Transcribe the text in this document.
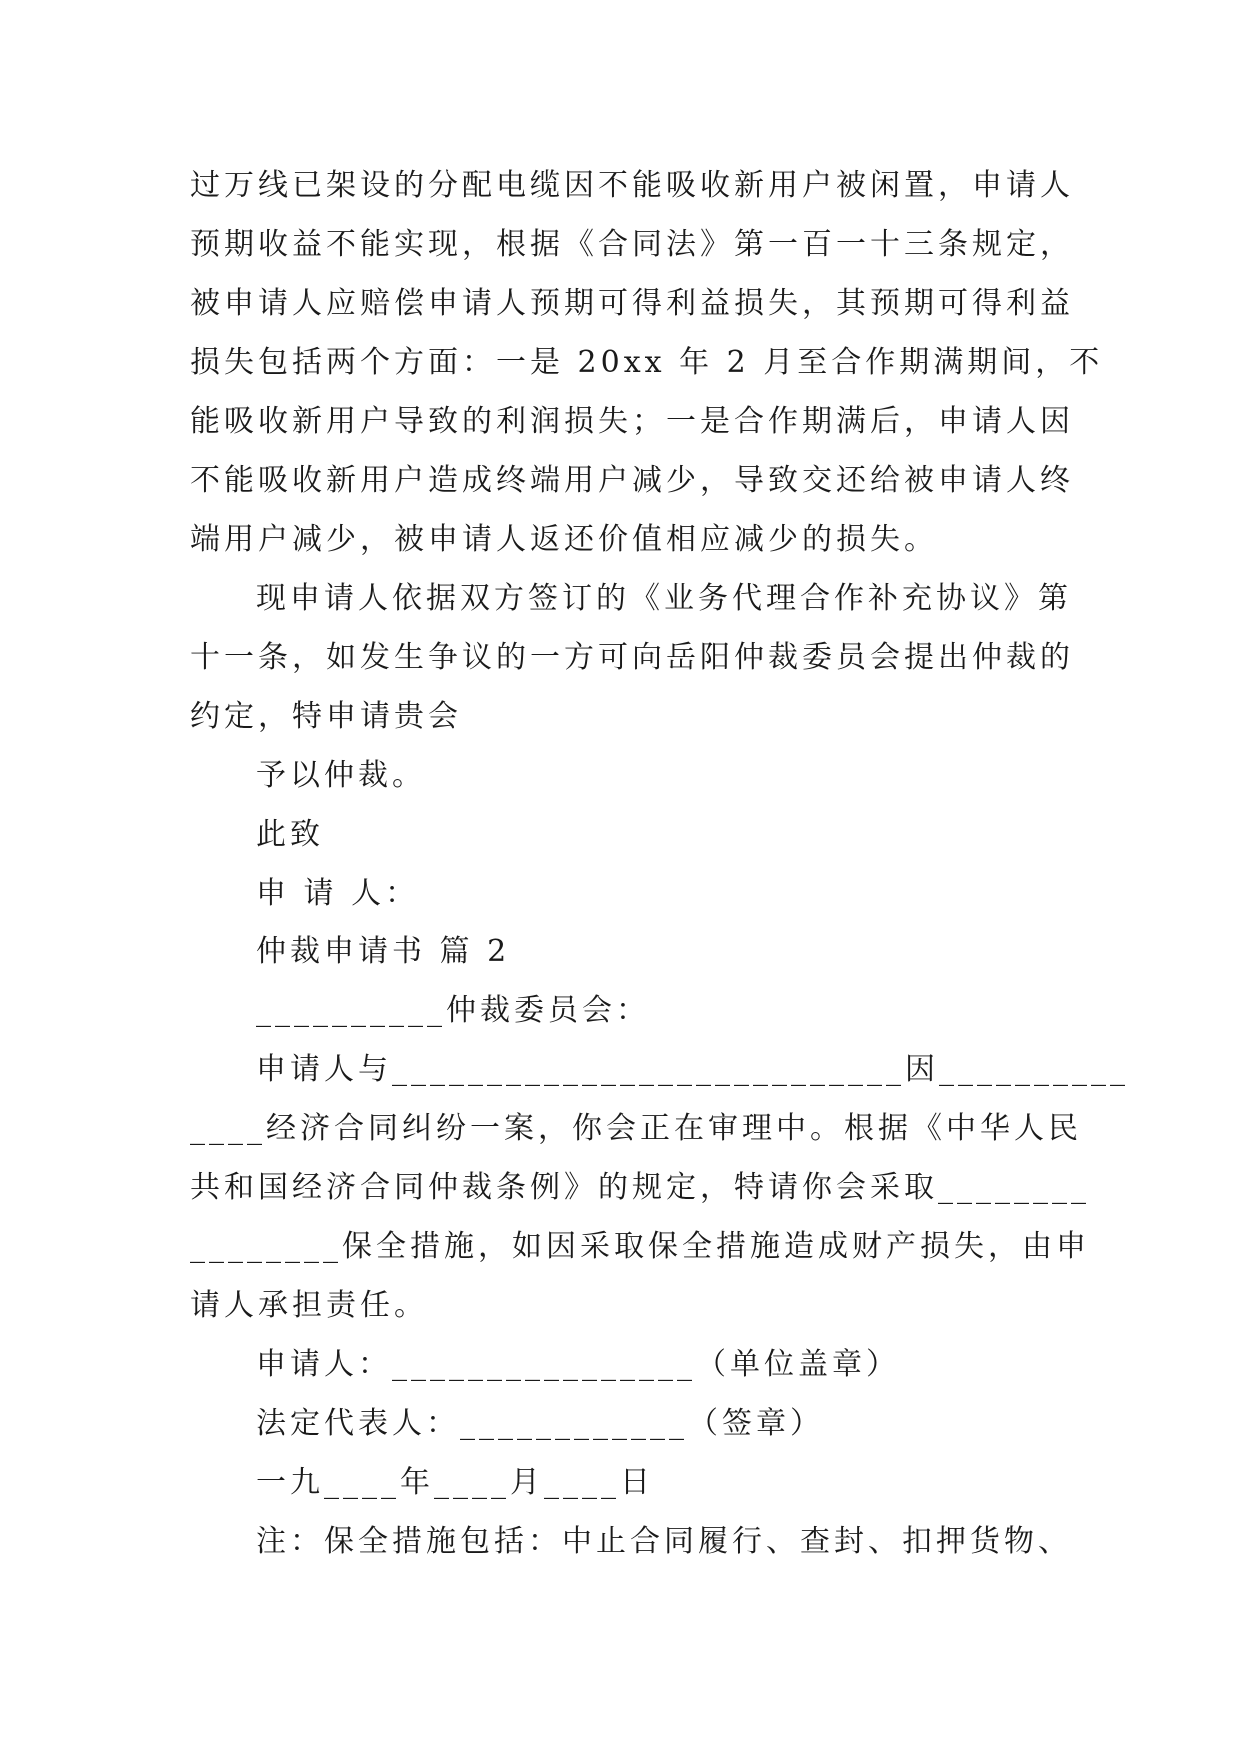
过万线已架设的分配电缆因不能吸收新用户被闲置，申请人
预期收益不能实现，根据《合同法》第一百一十三条规定，
被申请人应赔偿申请人预期可得利益损失，其预期可得利益
损失包括两个方面：一是 20xx 年 2 月至合作期满期间，不
能吸收新用户导致的利润损失；一是合作期满后，申请人因
不能吸收新用户造成终端用户减少，导致交还给被申请人终
端用户减少，被申请人返还价值相应减少的损失。
现申请人依据双方签订的《业务代理合作补充协议》第
十一条，如发生争议的一方可向岳阳仲裁委员会提出仲裁的
约定，特申请贵会
予以仲裁。
此致
申 请 人：
仲裁申请书 篇 2
__________仲裁委员会：
申请人与___________________________因__________
____经济合同纠纷一案，你会正在审理中。根据《中华人民
共和国经济合同仲裁条例》的规定，特请你会采取________
________保全措施，如因采取保全措施造成财产损失，由申
请人承担责任。
申请人：________________（单位盖章）
法定代表人：____________（签章）
一九____年____月____日
注：保全措施包括：中止合同履行、查封、扣押货物、
